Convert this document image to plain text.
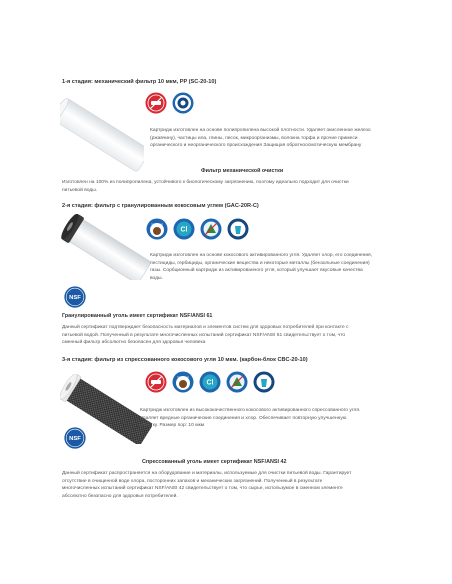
1-я стадия: механический фильтр 10 мкм, PP (SC-20-10)
Картридж изготовлен на основе полипропилена высокой плотности. Удаляет окисленное железо
(ржавчину), частицы ила, глины, песок, микроорганизмы, волокна торфа и прочие примеси
органического и неорганического происхождения Защищая обратноосмотическую мембрану
Фильтр механической очистки
Изготовлен на 100% из полипропилена, устойчивого к биологическому загрязнению, поэтому идеально подходит для очистки
питьевой воды.
2-я стадия: фильтр с гранулированным кокосовым углем (GAC-20R-C)
Coconut
Cl
Картридж изготовлен на основе кокосового активированного угля. Удаляет хлор, его соединения,
пестициды, гербициды, органические вещества и некоторые металлы (бензольные соединения)
газы. Сорбционный картридж из активированного угля, который улучшает вкусовые качества
воды.
NSF
Гранулированный уголь имеет сертификат NSF/ANSI 61
Данный сертификат подтверждает безопасность материалов и элементов систем для здоровых потребителей при контакте с
питьевой водой. Полученный в результате многочисленных испытаний сертификат NSF/ANSI 61 свидетельствует о том, что
сменный фильтр абсолютно безопасен для здоровья человека
3-я стадия: фильтр из спрессованного кокосового угля 10 мкм. (карбон-блок CBC-20-10)
Coconut
Cl
Картридж изготовлен из высококачественного кокосового активированного спрессованного угля.
Удаляет вредные органические соединения и хлор. Обеспечивает повторную улучшенную
очистку. Размер пор: 10 мкм
NSF
Спрессованный уголь имеет сертификат NSF/ANSI 42
Данный сертификат распространяется на оборудование и материалы, используемые для очистки питьевой воды. Гарантирует
отсутствие в очищенной воде хлора, посторонних запахов и механических загрязнений. Полученный в результате
многочисленных испытаний сертификат NSF/ANSI 42 свидетельствует о том, что сырье, использумое в сменном элементе
абсолютно безопасно для здоровья потребителей.
